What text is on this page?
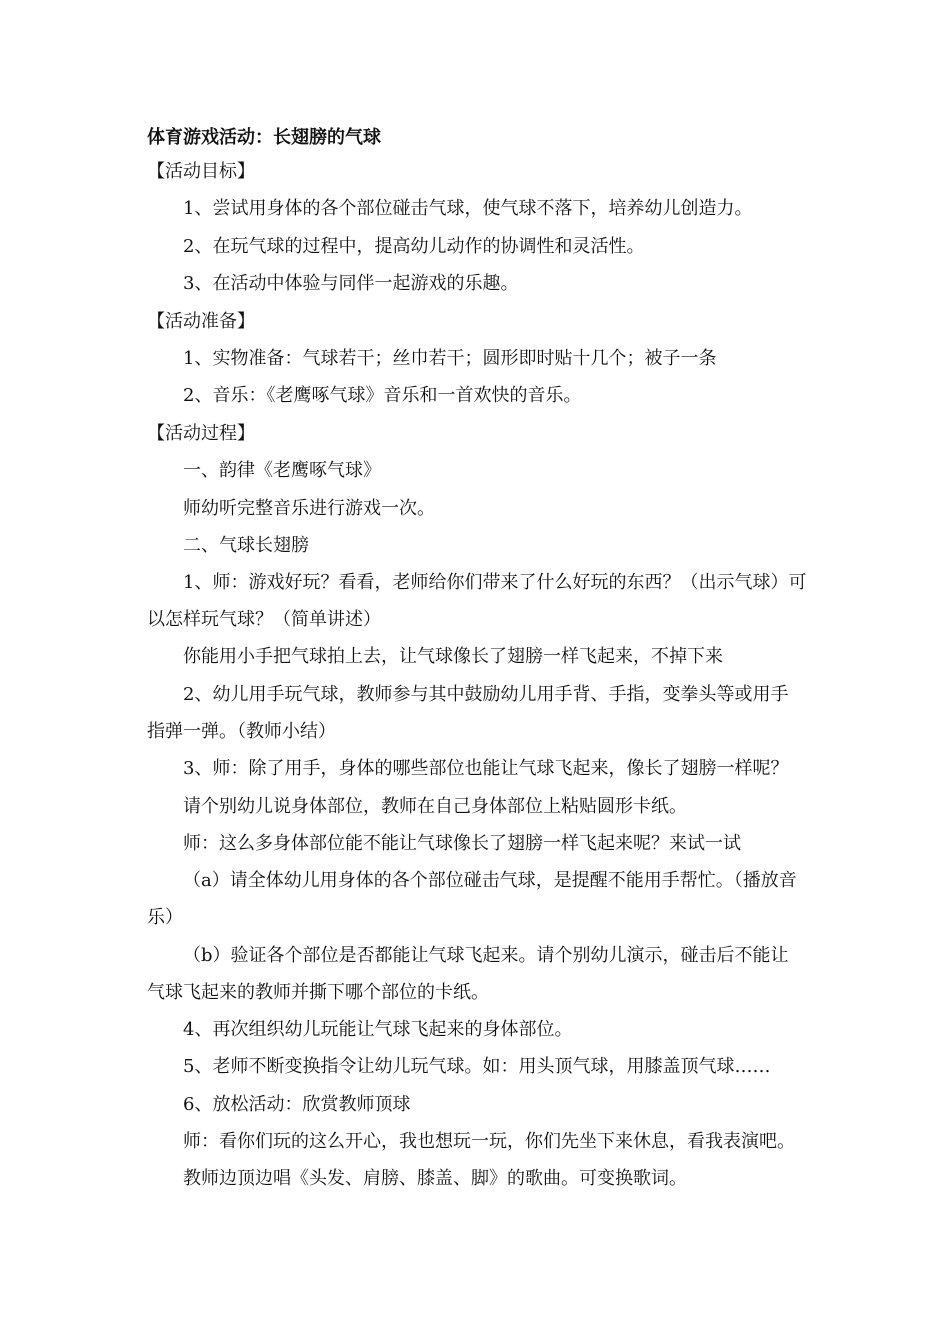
体育游戏活动：长翅膀的气球
【活动目标】
1、尝试用身体的各个部位碰击气球，使气球不落下，培养幼儿创造力。
2、在玩气球的过程中，提高幼儿动作的协调性和灵活性。
3、在活动中体验与同伴一起游戏的乐趣。
【活动准备】
1、实物准备：气球若干；丝巾若干；圆形即时贴十几个；被子一条
2、音乐：《老鹰啄气球》音乐和一首欢快的音乐。
【活动过程】
一、韵律《老鹰啄气球》
师幼听完整音乐进行游戏一次。
二、气球长翅膀
1、师：游戏好玩？看看，老师给你们带来了什么好玩的东西？（出示气球）可
以怎样玩气球？（简单讲述）
你能用小手把气球拍上去，让气球像长了翅膀一样飞起来，不掉下来
2、幼儿用手玩气球，教师参与其中鼓励幼儿用手背、手指，变拳头等或用手
指弹一弹。（教师小结）
3、师：除了用手，身体的哪些部位也能让气球飞起来，像长了翅膀一样呢？
请个别幼儿说身体部位，教师在自己身体部位上粘贴圆形卡纸。
师：这么多身体部位能不能让气球像长了翅膀一样飞起来呢？来试一试
（a）请全体幼儿用身体的各个部位碰击气球，是提醒不能用手帮忙。（播放音
乐）
（b）验证各个部位是否都能让气球飞起来。请个别幼儿演示，碰击后不能让
气球飞起来的教师并撕下哪个部位的卡纸。
4、再次组织幼儿玩能让气球飞起来的身体部位。
5、老师不断变换指令让幼儿玩气球。如：用头顶气球，用膝盖顶气球……
6、放松活动：欣赏教师顶球
师：看你们玩的这么开心，我也想玩一玩，你们先坐下来休息，看我表演吧。
教师边顶边唱《头发、肩膀、膝盖、脚》的歌曲。可变换歌词。
